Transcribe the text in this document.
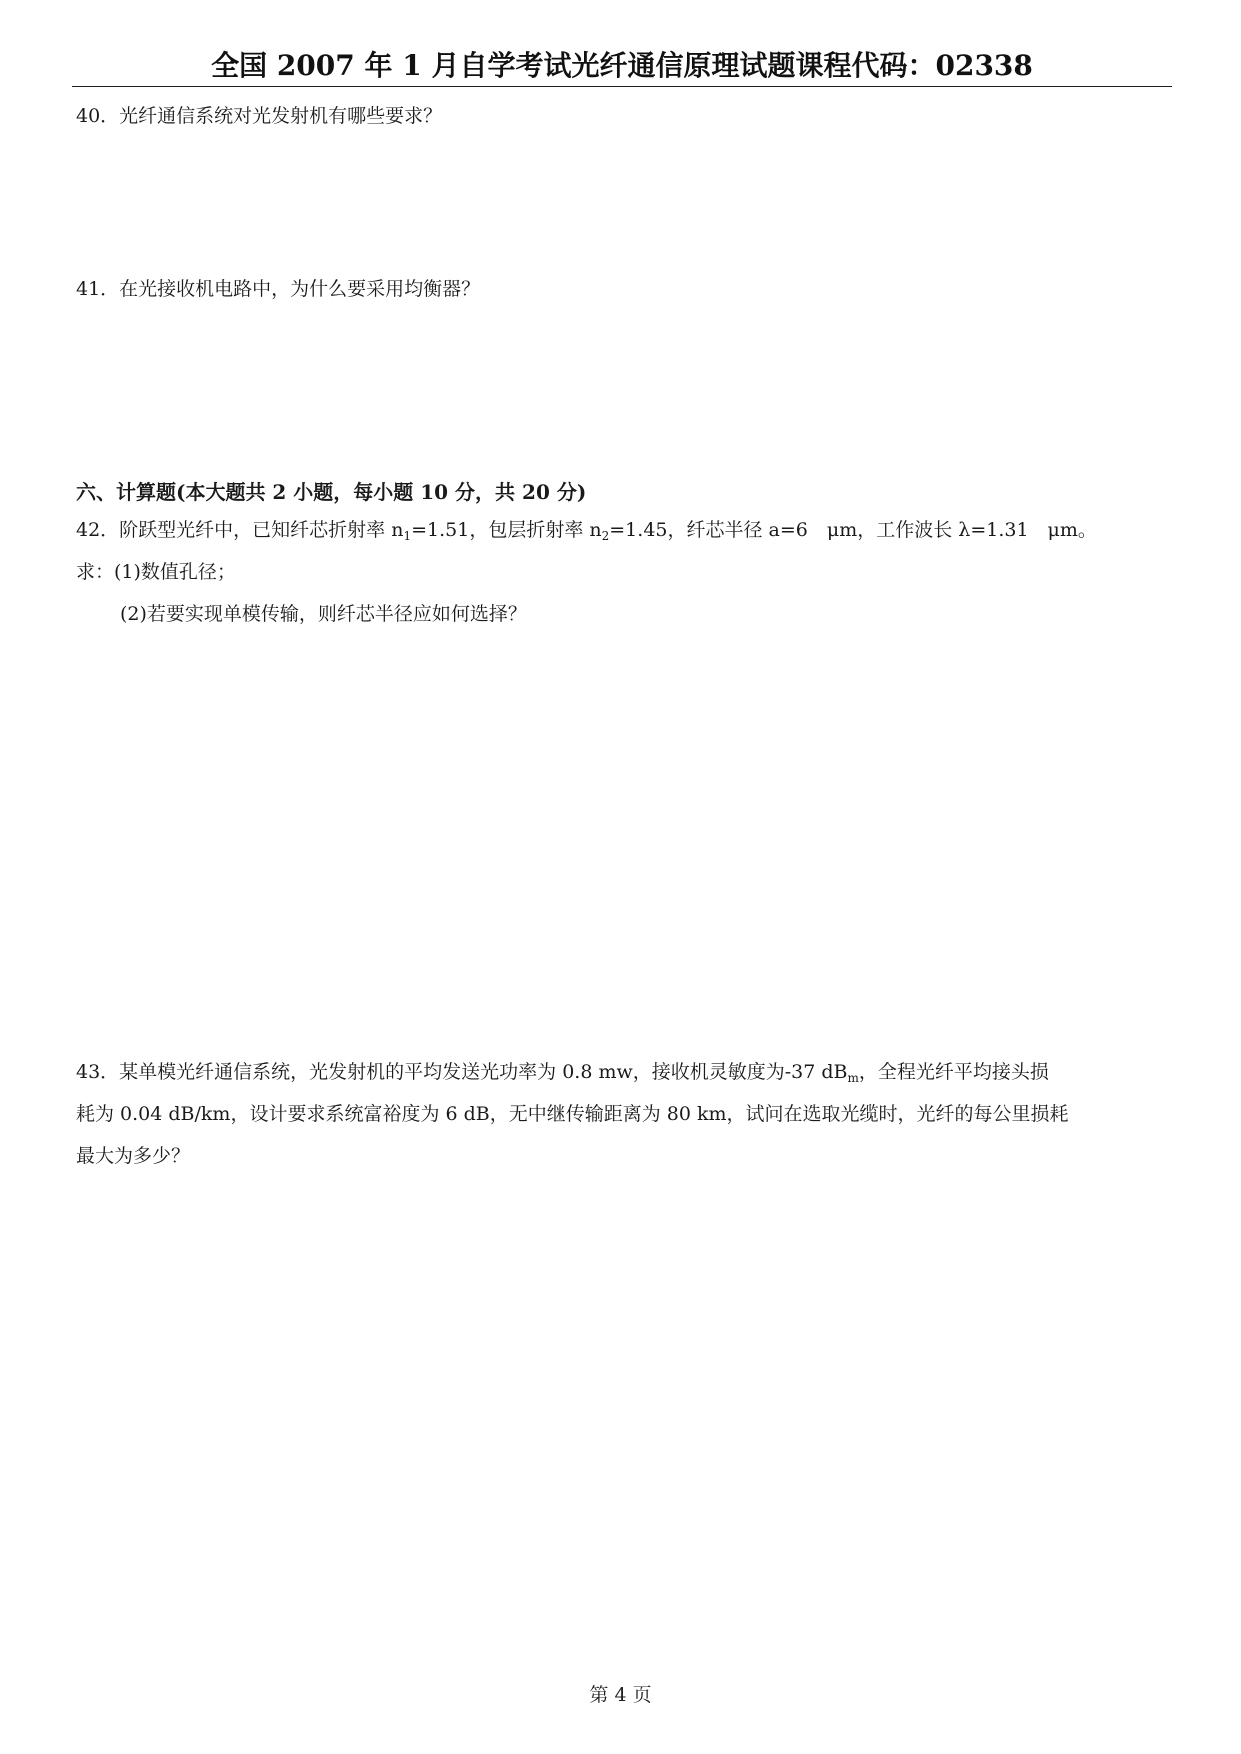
全国 2007 年 1 月自学考试光纤通信原理试题课程代码：02338
40．光纤通信系统对光发射机有哪些要求？
41．在光接收机电路中，为什么要采用均衡器？
六、计算题(本大题共 2 小题，每小题 10 分，共 20 分)
42．阶跃型光纤中，已知纤芯折射率 $n_1=1.51$，包层折射率 $n_2=1.45$，纤芯半径 a=6　μm，工作波长 λ=1.31　μm。
求：(1)数值孔径；
(2)若要实现单模传输，则纤芯半径应如何选择？
43．某单模光纤通信系统，光发射机的平均发送光功率为 0.8 mw，接收机灵敏度为-37 $dB_m$，全程光纤平均接头损
耗为 0.04 dB/km，设计要求系统富裕度为 6 dB，无中继传输距离为 80 km，试问在选取光缆时，光纤的每公里损耗
最大为多少？
第 4 页
